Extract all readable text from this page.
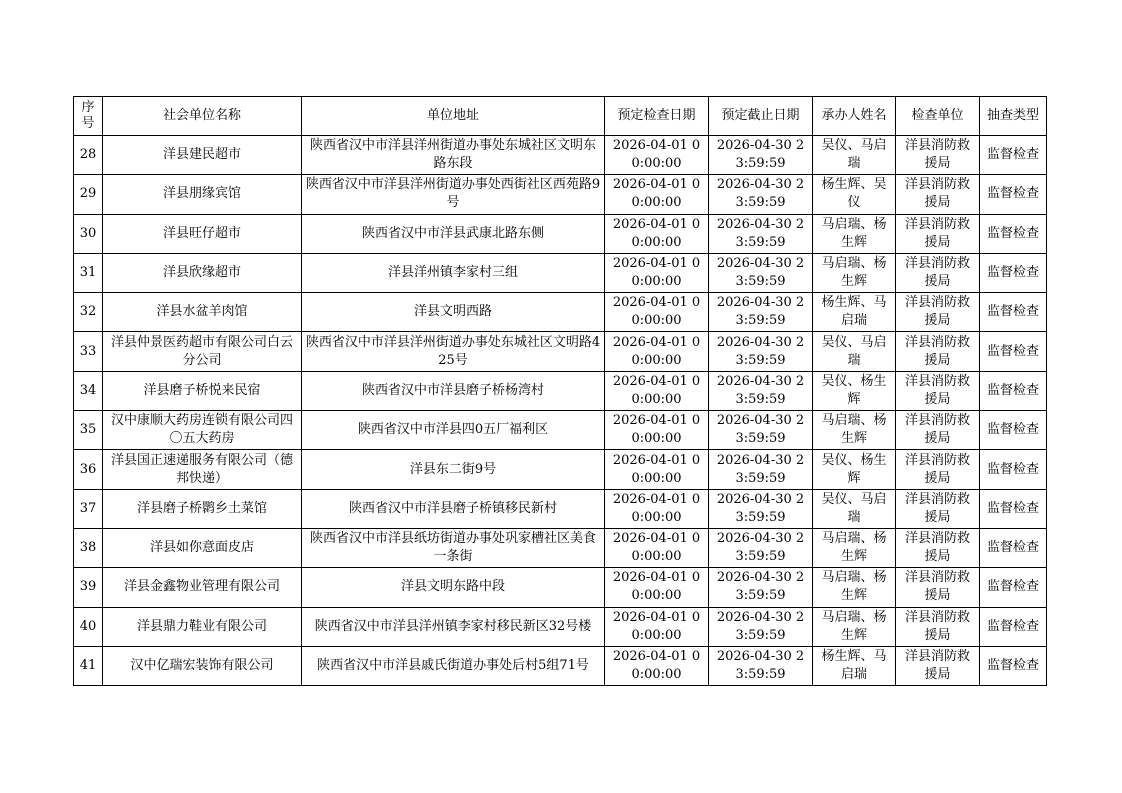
序号	社会单位名称	单位地址	预定检查日期	预定截止日期	承办人姓名	检查单位	抽查类型
28	洋县建民超市	陕西省汉中市洋县洋州街道办事处东城社区文明东路东段	2026-04-01 00:00:00	2026-04-30 23:59:59	吴仪、马启瑞	洋县消防救援局	监督检查
29	洋县朋缘宾馆	陕西省汉中市洋县洋州街道办事处西街社区西苑路9号	2026-04-01 00:00:00	2026-04-30 23:59:59	杨生辉、吴仪	洋县消防救援局	监督检查
30	洋县旺仔超市	陕西省汉中市洋县武康北路东侧	2026-04-01 00:00:00	2026-04-30 23:59:59	马启瑞、杨生辉	洋县消防救援局	监督检查
31	洋县欣缘超市	洋县洋州镇李家村三组	2026-04-01 00:00:00	2026-04-30 23:59:59	马启瑞、杨生辉	洋县消防救援局	监督检查
32	洋县水盆羊肉馆	洋县文明西路	2026-04-01 00:00:00	2026-04-30 23:59:59	杨生辉、马启瑞	洋县消防救援局	监督检查
33	洋县仲景医药超市有限公司白云分公司	陕西省汉中市洋县洋州街道办事处东城社区文明路425号	2026-04-01 00:00:00	2026-04-30 23:59:59	吴仪、马启瑞	洋县消防救援局	监督检查
34	洋县磨子桥悦来民宿	陕西省汉中市洋县磨子桥杨湾村	2026-04-01 00:00:00	2026-04-30 23:59:59	吴仪、杨生辉	洋县消防救援局	监督检查
35	汉中康顺大药房连锁有限公司四〇五大药房	陕西省汉中市洋县四0五厂福利区	2026-04-01 00:00:00	2026-04-30 23:59:59	马启瑞、杨生辉	洋县消防救援局	监督检查
36	洋县国正速递服务有限公司（德邦快递）	洋县东二街9号	2026-04-01 00:00:00	2026-04-30 23:59:59	吴仪、杨生辉	洋县消防救援局	监督检查
37	洋县磨子桥鹮乡土菜馆	陕西省汉中市洋县磨子桥镇移民新村	2026-04-01 00:00:00	2026-04-30 23:59:59	吴仪、马启瑞	洋县消防救援局	监督检查
38	洋县如你意面皮店	陕西省汉中市洋县纸坊街道办事处巩家槽社区美食一条街	2026-04-01 00:00:00	2026-04-30 23:59:59	马启瑞、杨生辉	洋县消防救援局	监督检查
39	洋县金鑫物业管理有限公司	洋县文明东路中段	2026-04-01 00:00:00	2026-04-30 23:59:59	马启瑞、杨生辉	洋县消防救援局	监督检查
40	洋县鼎力鞋业有限公司	陕西省汉中市洋县洋州镇李家村移民新区32号楼	2026-04-01 00:00:00	2026-04-30 23:59:59	马启瑞、杨生辉	洋县消防救援局	监督检查
41	汉中亿瑞宏装饰有限公司	陕西省汉中市洋县戚氏街道办事处后村5组71号	2026-04-01 00:00:00	2026-04-30 23:59:59	杨生辉、马启瑞	洋县消防救援局	监督检查
